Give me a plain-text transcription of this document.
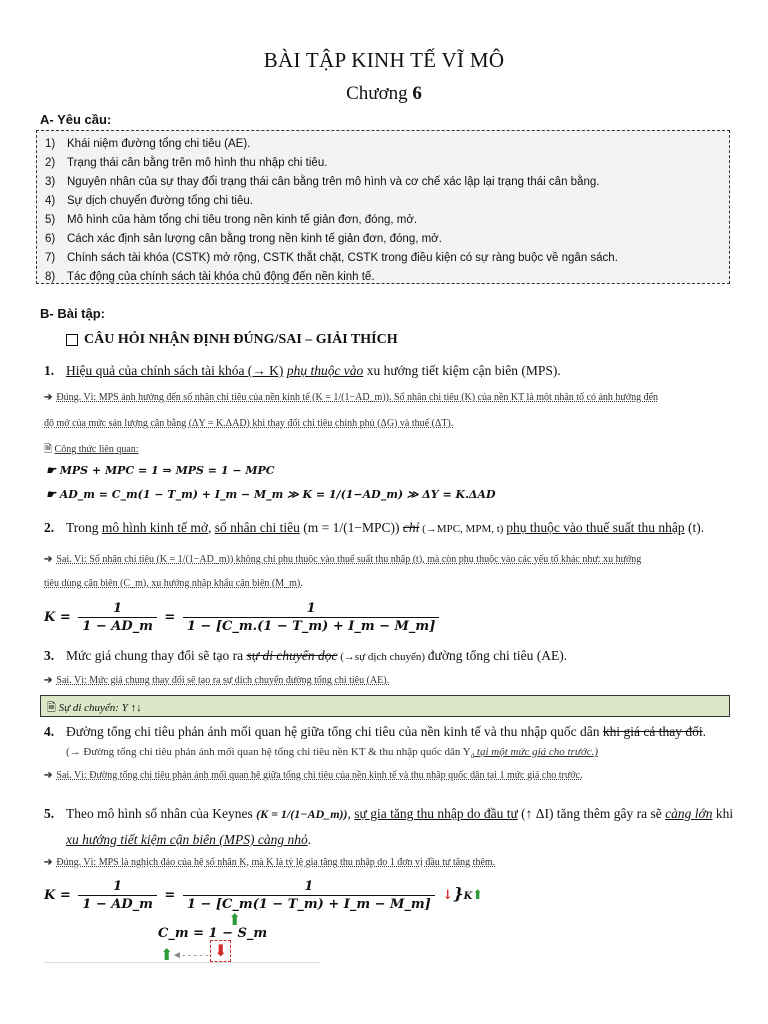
BÀI TẬP KINH TẾ VĨ MÔ
Chương 6
A- Yêu cầu:
1) Khái niệm đường tổng chi tiêu (AE).
2) Trạng thái cân bằng trên mô hình thu nhập chi tiêu.
3) Nguyên nhân của sự thay đổi trạng thái cân bằng trên mô hình và cơ chế xác lập lại trạng thái cân bằng.
4) Sự dịch chuyển đường tổng chi tiêu.
5) Mô hình của hàm tổng chi tiêu trong nền kinh tế giản đơn, đóng, mở.
6) Cách xác định sản lượng cân bằng trong nền kinh tế giản đơn, đóng, mở.
7) Chính sách tài khóa (CSTK) mở rộng, CSTK thắt chặt, CSTK trong điều kiện có sự ràng buộc về ngân sách.
8) Tác động của chính sách tài khóa chủ động đến nền kinh tế.
B- Bài tập:
CÂU HỎI NHẬN ĐỊNH ĐÚNG/SAI – GIẢI THÍCH
1. Hiệu quả của chính sách tài khóa (→ K) phụ thuộc vào xu hướng tiết kiệm cận biên (MPS).
➔ Đúng. Vì: MPS ảnh hưởng đến số nhân chi tiêu của nền kinh tế (K = 1/(1−AD_m)). Số nhân chi tiêu (K) của nền KT là một nhân tố có ảnh hưởng đến
độ mở của mức sản lượng cân bằng (ΔY = K.ΔAD) khi thay đổi chi tiêu chính phủ (ΔG) và thuế (ΔT).
🗎 Công thức liên quan:
☛ MPS + MPC = 1 ⇒ MPS = 1 − MPC
☛ AD_m = C_m(1 − T_m) + I_m − M_m ≫ K = 1/(1−AD_m) ≫ ΔY = K.ΔAD
2. Trong mô hình kinh tế mở, số nhân chi tiêu (m = 1/(1−MPC)) chỉ (→MPC, MPM, t) phụ thuộc vào thuế suất thu nhập (t).
➔ Sai. Vì: Số nhân chi tiêu (K = 1/(1−AD_m)) không chỉ phụ thuộc vào thuế suất thu nhập (t), mà còn phụ thuộc vào các yếu tố khác như: xu hướng
tiêu dùng cận biên (C_m), xu hướng nhập khẩu cận biên (M_m).
$K = \frac{1}{1 - AD\_m} = \frac{1}{1 - [C\_m.(1 - T\_m) + I\_m - M\_m]}$
3. Mức giá chung thay đổi sẽ tạo ra sự di chuyển dọc (→sự dịch chuyển) đường tổng chi tiêu (AE).
➔ Sai. Vì: Mức giá chung thay đổi sẽ tạo ra sự dịch chuyển đường tổng chi tiêu (AE).
🗎 Sự di chuyển: Y ↑↓
4. Đường tổng chi tiêu phản ánh mối quan hệ giữa tổng chi tiêu của nền kinh tế và thu nhập quốc dân khi giá cả thay đổi.
(→ Đường tổng chi tiêu phản ánh mối quan hệ tổng chi tiêu nền KT & thu nhập quốc dân $Y_d$ tại một mức giá cho trước.)
➔ Sai. Vì: Đường tổng chi tiêu phản ánh mối quan hệ giữa tổng chi tiêu của nền kinh tế và thu nhập quốc dân tại 1 mức giá cho trước.
5. Theo mô hình số nhân của Keynes (K = 1/(1−AD_m)), sự gia tăng thu nhập do đầu tư (↑ ΔI) tăng thêm gây ra sẽ càng lớn khi
xu hướng tiết kiệm cận biên (MPS) càng nhỏ.
➔ Đúng. Vì: MPS là nghịch đảo của hệ số nhân K, mà K là tỷ lệ gia tăng thu nhập do 1 đơn vị đầu tư tăng thêm.
$K = \frac{1}{1 - AD\_m} = \frac{1}{1 - [C\_m(1 - T\_m) + I\_m - M\_m]}$ ↓}K⬆
C_m = 1 − S_m
⬆
⬆
◄- - - - - ⬇
